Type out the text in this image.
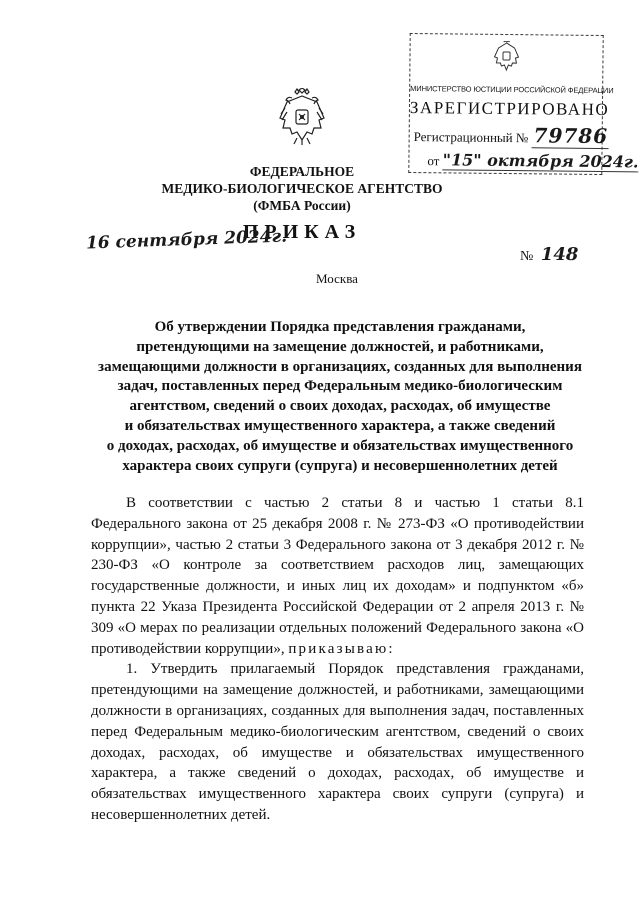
МИНИСТЕРСТВО ЮСТИЦИИ РОССИЙСКОЙ ФЕДЕРАЦИИ
ЗАРЕГИСТРИРОВАНО
Регистрационный № 79786
от "15" октября 2024г.
ФЕДЕРАЛЬНОЕ
МЕДИКО-БИОЛОГИЧЕСКОЕ АГЕНТСТВО
(ФМБА России)
ПРИКАЗ
16 сентября 2024г.
№ 148
Москва
Об утверждении Порядка представления гражданами,
претендующими на замещение должностей, и работниками,
замещающими должности в организациях, созданных для выполнения
задач, поставленных перед Федеральным медико-биологическим
агентством, сведений о своих доходах, расходах, об имуществе
и обязательствах имущественного характера, а также сведений
о доходах, расходах, об имуществе и обязательствах имущественного
характера своих супруги (супруга) и несовершеннолетних детей

В соответствии с частью 2 статьи 8 и частью 1 статьи 8.1 Федерального закона от 25 декабря 2008 г. № 273-ФЗ «О противодействии коррупции», частью 2 статьи 3 Федерального закона от 3 декабря 2012 г. № 230-ФЗ «О контроле за соответствием расходов лиц, замещающих государственные должности, и иных лиц их доходам» и подпунктом «б» пункта 22 Указа Президента Российской Федерации от 2 апреля 2013 г. № 309 «О мерах по реализации отдельных положений Федерального закона «О противодействии коррупции», приказываю:

1. Утвердить прилагаемый Порядок представления гражданами, претендующими на замещение должностей, и работниками, замещающими должности в организациях, созданных для выполнения задач, поставленных перед Федеральным медико-биологическим агентством, сведений о своих доходах, расходах, об имуществе и обязательствах имущественного характера, а также сведений о доходах, расходах, об имуществе и обязательствах имущественного характера своих супруги (супруга) и несовершеннолетних детей.
